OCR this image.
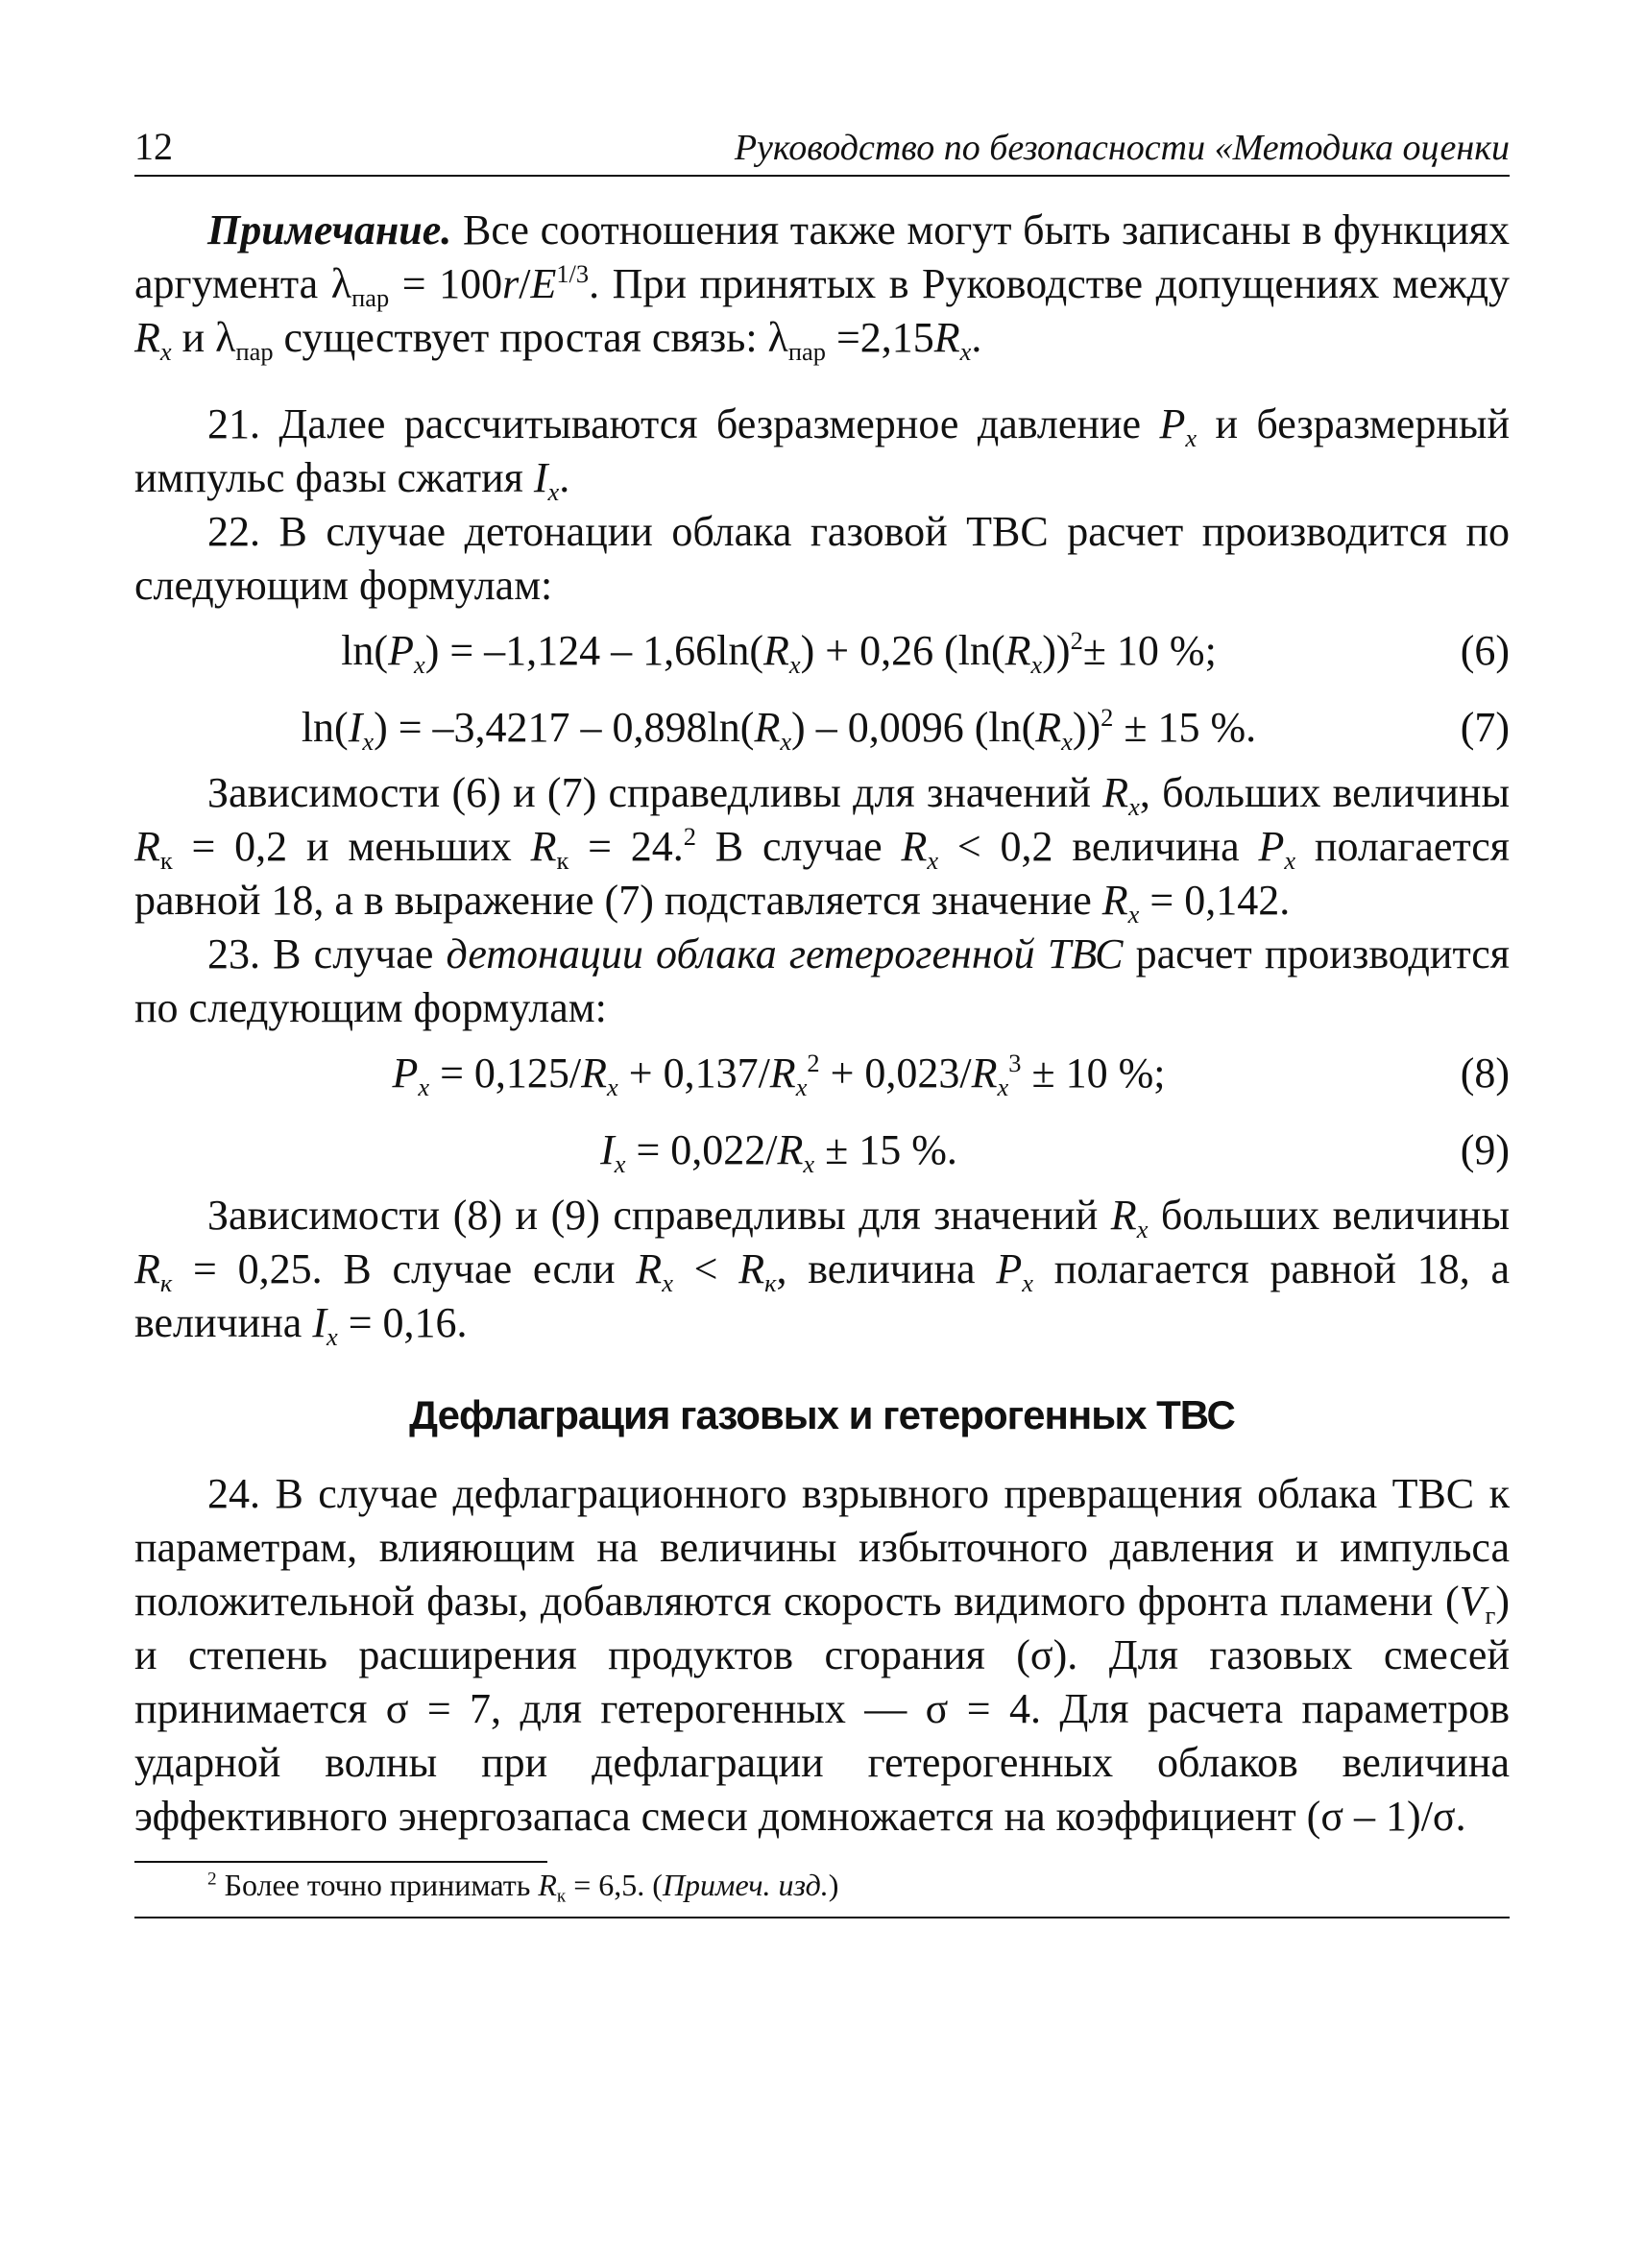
12	Руководство по безопасности «Методика оценки

Примечание. Все соотношения также могут быть записаны в функциях аргумента $\lambda_{пар} = 100r/E^{1/3}$. При принятых в Руководстве допущениях между $R_x$ и $\lambda_{пар}$ существует простая связь: $\lambda_{пар} =2,15R_x$.

21. Далее рассчитываются безразмерное давление $P_x$ и безразмерный импульс фазы сжатия $I_x$.

22. В случае детонации облака газовой ТВС расчет производится по следующим формулам:

$\ln(P_x) = -1,124 - 1,66\ln(R_x) + 0,26$ $(\ln(R_x))^2\pm 10$ %;	(6)
$\ln(I_x) = -3,4217 - 0,898\ln(R_x) - 0,0096$ $(\ln(R_x))^2 \pm 15$ %.	(7)

Зависимости (6) и (7) справедливы для значений $R_x$, больших величины $R_к = 0,2$ и меньших $R_к = 24.^2$ В случае $R_x < 0,2$ величина $P_x$ полагается равной 18, а в выражение (7) подставляется значение $R_x = 0,142$.

23. В случае детонации облака гетерогенной ТВС расчет производится по следующим формулам:

$P_x = 0,125/R_x + 0,137/R_x^2 + 0,023/R_x^3 \pm 10$ %;	(8)
$I_x = 0,022/R_x \pm 15$ %.	(9)

Зависимости (8) и (9) справедливы для значений $R_x$ больших величины $R_к = 0,25$. В случае если $R_x < R_к$, величина $P_x$ полагается равной 18, а величина $I_x = 0,16$.

Дефлаграция газовых и гетерогенных ТВС

24. В случае дефлаграционного взрывного превращения облака ТВС к параметрам, влияющим на величины избыточного давления и импульса положительной фазы, добавляются скорость видимого фронта пламени $(V_г)$ и степень расширения продуктов сгорания (σ). Для газовых смесей принимается σ = 7, для гетерогенных — σ = 4. Для расчета параметров ударной волны при дефлаграции гетерогенных облаков величина эффективного энергозапаса смеси домножается на коэффициент (σ – 1)/σ.

$^2$ Более точно принимать $R_к = 6,5$. (Примеч. изд.)
